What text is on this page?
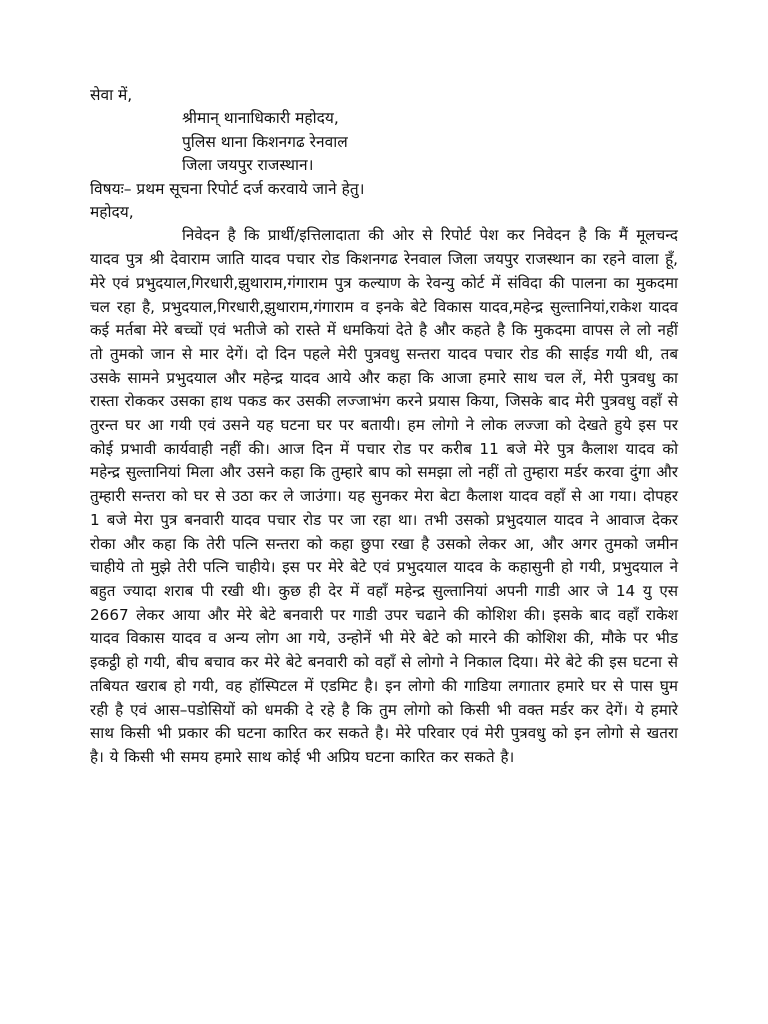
सेवा में,
श्रीमान् थानाधिकारी महोदय,
पुलिस थाना किशनगढ रेनवाल
जिला जयपुर राजस्थान।
विषयः– प्रथम सूचना रिपोर्ट दर्ज करवाये जाने हेतु।
महोदय,

निवेदन है कि प्रार्थी/इत्तिलादाता की ओर से रिपोर्ट पेश कर निवेदन है कि मैं मूलचन्द यादव पुत्र श्री देवाराम जाति यादव पचार रोड किशनगढ रेनवाल जिला जयपुर राजस्थान का रहने वाला हूँ, मेरे एवं प्रभुदयाल,गिरधारी,झुथाराम,गंगाराम पुत्र कल्याण के रेवन्यु कोर्ट में संविदा की पालना का मुकदमा चल रहा है, प्रभुदयाल,गिरधारी,झुथाराम,गंगाराम व इनके बेटे विकास यादव,महेन्द्र सुल्तानियां,राकेश यादव कई मर्तबा मेरे बच्चों एवं भतीजे को रास्ते में धमकियां देते है और कहते है कि मुकदमा वापस ले लो नहीं तो तुमको जान से मार देगें। दो दिन पहले मेरी पुत्रवधु सन्तरा यादव पचार रोड की साईड गयी थी, तब उसके सामने प्रभुदयाल और महेन्द्र यादव आये और कहा कि आजा हमारे साथ चल लें, मेरी पुत्रवधु का रास्ता रोककर उसका हाथ पकड कर उसकी लज्जाभंग करने प्रयास किया, जिसके बाद मेरी पुत्रवधु वहाँ से तुरन्त घर आ गयी एवं उसने यह घटना घर पर बतायी। हम लोगो ने लोक लज्जा को देखते हुये इस पर कोई प्रभावी कार्यवाही नहीं की। आज दिन में पचार रोड पर करीब 11 बजे मेरे पुत्र कैलाश यादव को महेन्द्र सुल्तानियां मिला और उसने कहा कि तुम्हारे बाप को समझा लो नहीं तो तुम्हारा मर्डर करवा दुंगा और तुम्हारी सन्तरा को घर से उठा कर ले जाउंगा। यह सुनकर मेरा बेटा कैलाश यादव वहाँ से आ गया। दोपहर 1 बजे मेरा पुत्र बनवारी यादव पचार रोड पर जा रहा था। तभी उसको प्रभुदयाल यादव ने आवाज देकर रोका और कहा कि तेरी पत्नि सन्तरा को कहा छुपा रखा है उसको लेकर आ, और अगर तुमको जमीन चाहीये तो मुझे तेरी पत्नि चाहीये। इस पर मेरे बेटे एवं प्रभुदयाल यादव के कहासुनी हो गयी, प्रभुदयाल ने बहुत ज्यादा शराब पी रखी थी। कुछ ही देर में वहाँ महेन्द्र सुल्तानियां अपनी गाडी आर जे 14 यु एस 2667 लेकर आया और मेरे बेटे बनवारी पर गाडी उपर चढाने की कोशिश की। इसके बाद वहाँ राकेश यादव विकास यादव व अन्य लोग आ गये, उन्होनें भी मेरे बेटे को मारने की कोशिश की, मौके पर भीड इकट्ठी हो गयी, बीच बचाव कर मेरे बेटे बनवारी को वहाँ से लोगो ने निकाल दिया। मेरे बेटे की इस घटना से तबियत खराब हो गयी, वह हॉस्पिटल में एडमिट है। इन लोगो की गाडिया लगातार हमारे घर से पास घुम रही है एवं आस–पडोसियों को धमकी दे रहे है कि तुम लोगो को किसी भी वक्त मर्डर कर देगें। ये हमारे साथ किसी भी प्रकार की घटना कारित कर सकते है। मेरे परिवार एवं मेरी पुत्रवधु को इन लोगो से खतरा है। ये किसी भी समय हमारे साथ कोई भी अप्रिय घटना कारित कर सकते है।
